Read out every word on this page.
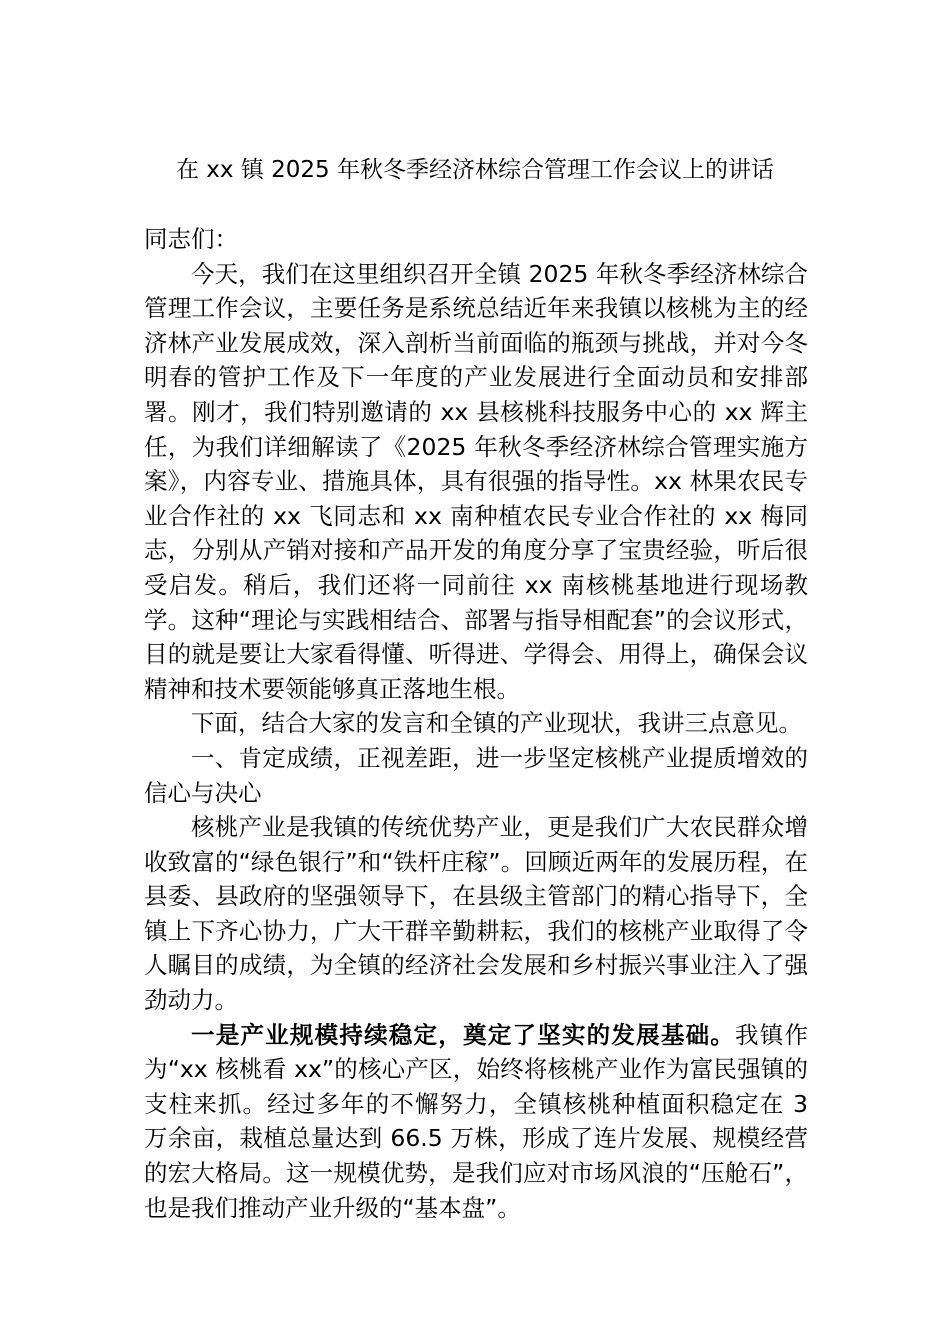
在 xx 镇 2025 年秋冬季经济林综合管理工作会议上的讲话

同志们：

今天，我们在这里组织召开全镇 2025 年秋冬季经济林综合管理工作会议，主要任务是系统总结近年来我镇以核桃为主的经济林产业发展成效，深入剖析当前面临的瓶颈与挑战，并对今冬明春的管护工作及下一年度的产业发展进行全面动员和安排部署。刚才，我们特别邀请的 xx 县核桃科技服务中心的 xx 辉主任，为我们详细解读了《2025 年秋冬季经济林综合管理实施方案》，内容专业、措施具体，具有很强的指导性。xx 林果农民专业合作社的 xx 飞同志和 xx 南种植农民专业合作社的 xx 梅同志，分别从产销对接和产品开发的角度分享了宝贵经验，听后很受启发。稍后，我们还将一同前往 xx 南核桃基地进行现场教学。这种“理论与实践相结合、部署与指导相配套”的会议形式，目的就是要让大家看得懂、听得进、学得会、用得上，确保会议精神和技术要领能够真正落地生根。

下面，结合大家的发言和全镇的产业现状，我讲三点意见。

一、肯定成绩，正视差距，进一步坚定核桃产业提质增效的信心与决心

核桃产业是我镇的传统优势产业，更是我们广大农民群众增收致富的“绿色银行”和“铁杆庄稼”。回顾近两年的发展历程，在县委、县政府的坚强领导下，在县级主管部门的精心指导下，全镇上下齐心协力，广大干群辛勤耕耘，我们的核桃产业取得了令人瞩目的成绩，为全镇的经济社会发展和乡村振兴事业注入了强劲动力。

一是产业规模持续稳定，奠定了坚实的发展基础。我镇作为“xx 核桃看 xx”的核心产区，始终将核桃产业作为富民强镇的支柱来抓。经过多年的不懈努力，全镇核桃种植面积稳定在 3 万余亩，栽植总量达到 66.5 万株，形成了连片发展、规模经营的宏大格局。这一规模优势，是我们应对市场风浪的“压舱石”，也是我们推动产业升级的“基本盘”。
